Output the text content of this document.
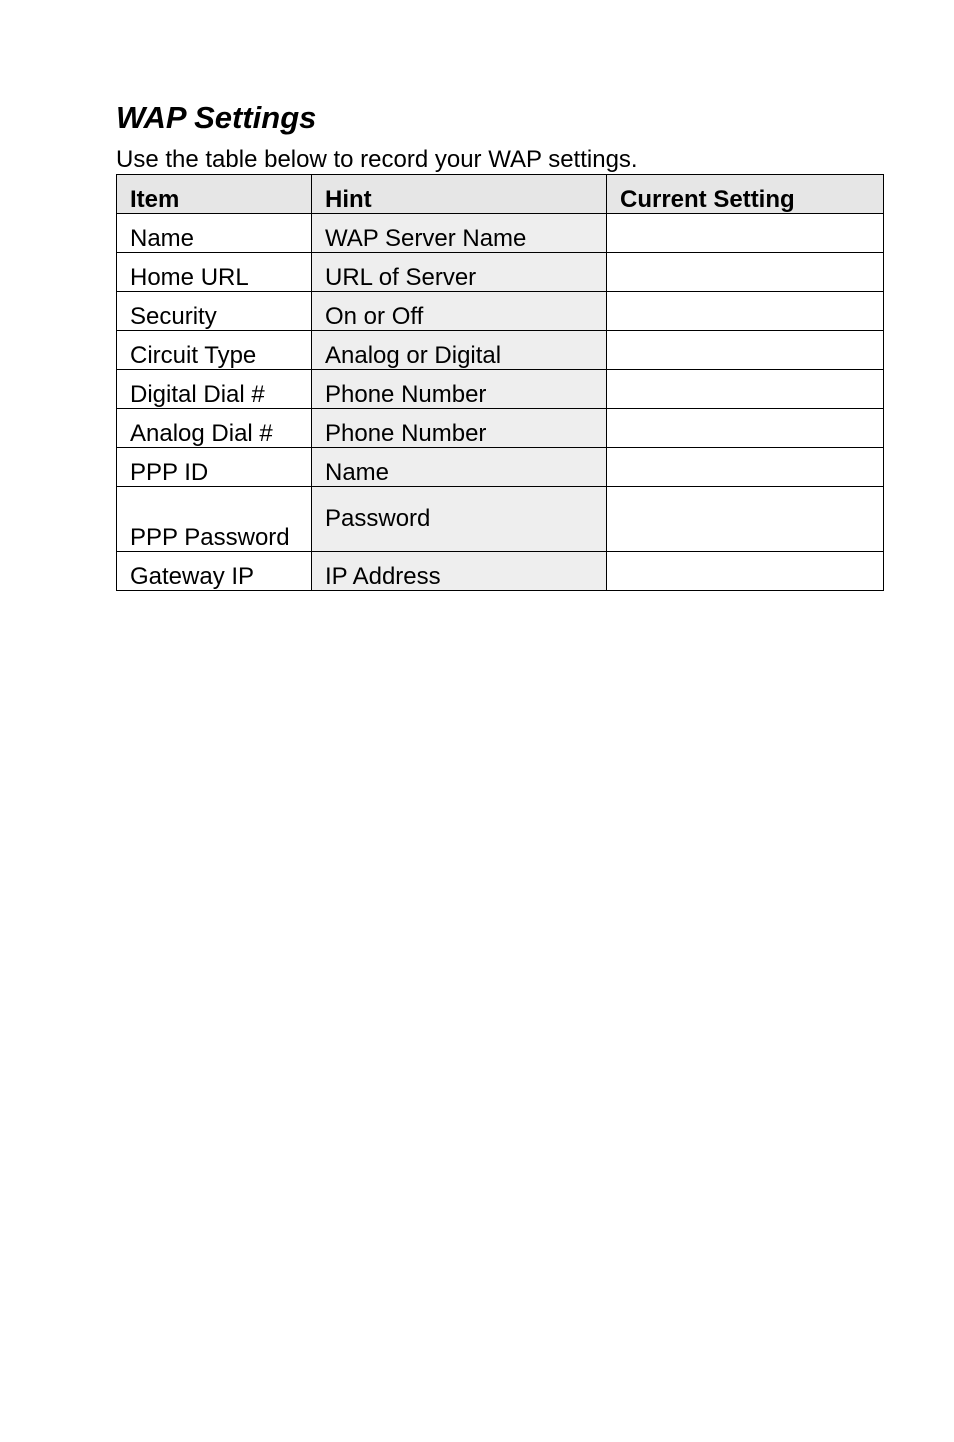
WAP Settings

Use the table below to record your WAP settings.

Item	Hint	Current Setting
Name	WAP Server Name	
Home URL	URL of Server	
Security	On or Off	
Circuit Type	Analog or Digital	
Digital Dial #	Phone Number	
Analog Dial #	Phone Number	
PPP ID	Name	
PPP Password	Password	
Gateway IP	IP Address	
